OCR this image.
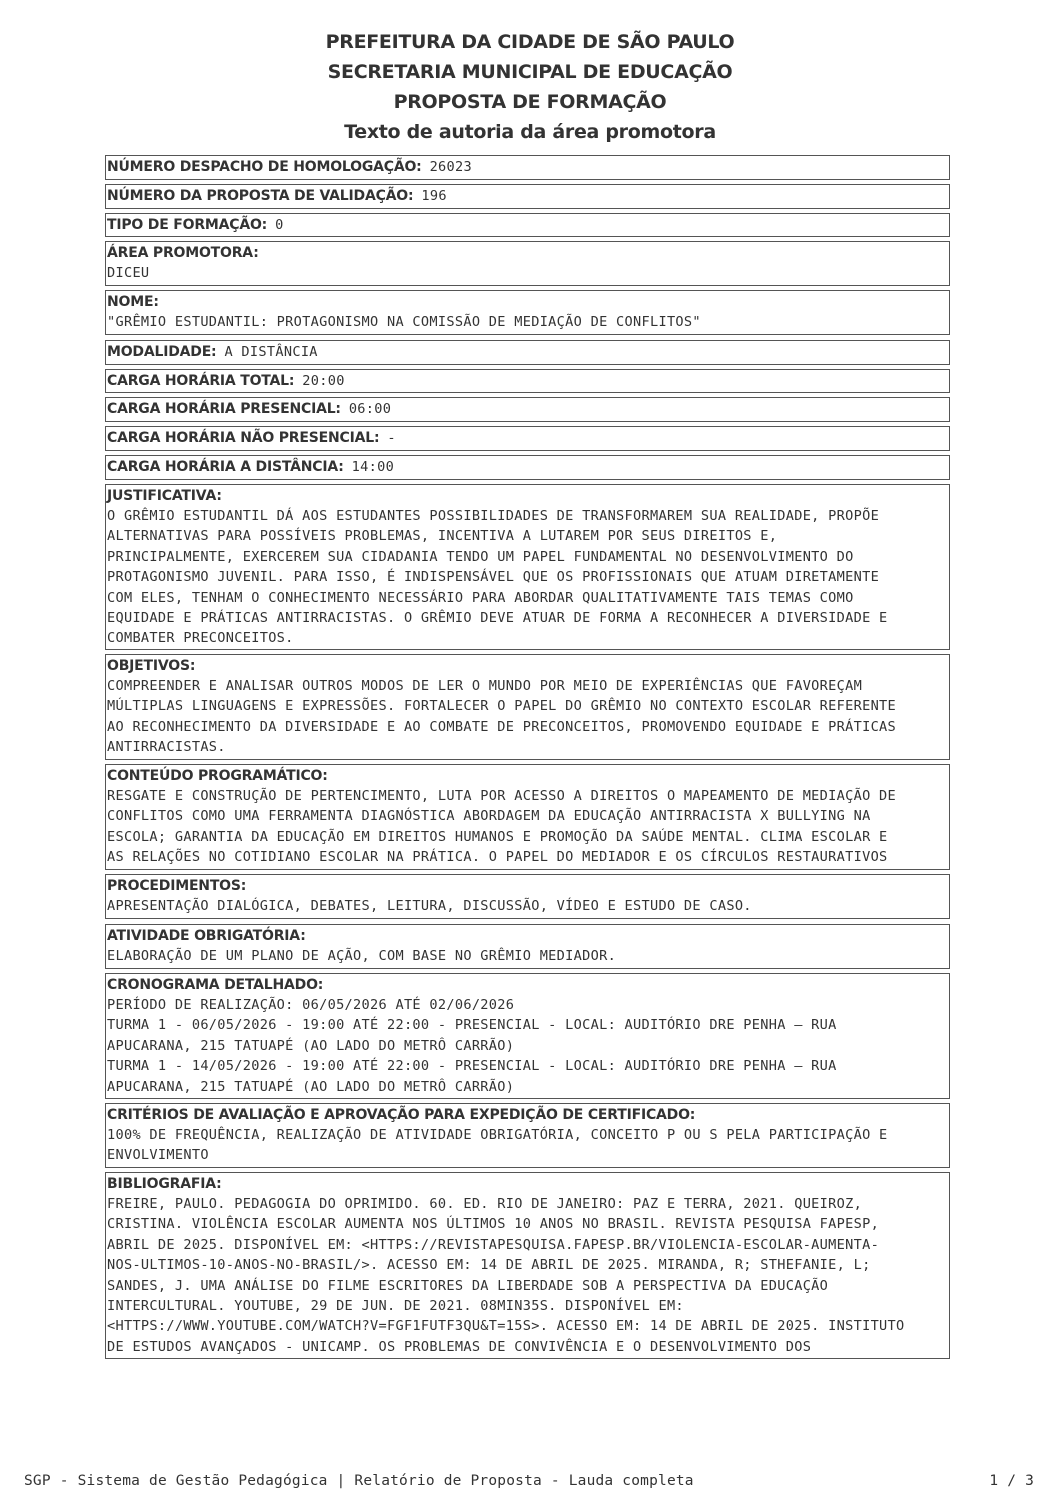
PREFEITURA DA CIDADE DE SÃO PAULO
SECRETARIA MUNICIPAL DE EDUCAÇÃO
PROPOSTA DE FORMAÇÃO
Texto de autoria da área promotora
NÚMERO DESPACHO DE HOMOLOGAÇÃO: 26023
NÚMERO DA PROPOSTA DE VALIDAÇÃO: 196
TIPO DE FORMAÇÃO: 0
ÁREA PROMOTORA:
DICEU
NOME:
"GRÊMIO ESTUDANTIL: PROTAGONISMO NA COMISSÃO DE MEDIAÇÃO DE CONFLITOS"
MODALIDADE: A DISTÂNCIA
CARGA HORÁRIA TOTAL: 20:00
CARGA HORÁRIA PRESENCIAL: 06:00
CARGA HORÁRIA NÃO PRESENCIAL: -
CARGA HORÁRIA A DISTÂNCIA: 14:00
JUSTIFICATIVA:
O GRÊMIO ESTUDANTIL DÁ AOS ESTUDANTES POSSIBILIDADES DE TRANSFORMAREM SUA REALIDADE, PROPÕE
ALTERNATIVAS PARA POSSÍVEIS PROBLEMAS, INCENTIVA A LUTAREM POR SEUS DIREITOS E,
PRINCIPALMENTE, EXERCEREM SUA CIDADANIA TENDO UM PAPEL FUNDAMENTAL NO DESENVOLVIMENTO DO
PROTAGONISMO JUVENIL. PARA ISSO, É INDISPENSÁVEL QUE OS PROFISSIONAIS QUE ATUAM DIRETAMENTE
COM ELES, TENHAM O CONHECIMENTO NECESSÁRIO PARA ABORDAR QUALITATIVAMENTE TAIS TEMAS COMO
EQUIDADE E PRÁTICAS ANTIRRACISTAS. O GRÊMIO DEVE ATUAR DE FORMA A RECONHECER A DIVERSIDADE E
COMBATER PRECONCEITOS.
OBJETIVOS:
COMPREENDER E ANALISAR OUTROS MODOS DE LER O MUNDO POR MEIO DE EXPERIÊNCIAS QUE FAVOREÇAM
MÚLTIPLAS LINGUAGENS E EXPRESSÕES. FORTALECER O PAPEL DO GRÊMIO NO CONTEXTO ESCOLAR REFERENTE
AO RECONHECIMENTO DA DIVERSIDADE E AO COMBATE DE PRECONCEITOS, PROMOVENDO EQUIDADE E PRÁTICAS
ANTIRRACISTAS.
CONTEÚDO PROGRAMÁTICO:
RESGATE E CONSTRUÇÃO DE PERTENCIMENTO, LUTA POR ACESSO A DIREITOS O MAPEAMENTO DE MEDIAÇÃO DE
CONFLITOS COMO UMA FERRAMENTA DIAGNÓSTICA ABORDAGEM DA EDUCAÇÃO ANTIRRACISTA X BULLYING NA
ESCOLA; GARANTIA DA EDUCAÇÃO EM DIREITOS HUMANOS E PROMOÇÃO DA SAÚDE MENTAL. CLIMA ESCOLAR E
AS RELAÇÕES NO COTIDIANO ESCOLAR NA PRÁTICA. O PAPEL DO MEDIADOR E OS CÍRCULOS RESTAURATIVOS
PROCEDIMENTOS:
APRESENTAÇÃO DIALÓGICA, DEBATES, LEITURA, DISCUSSÃO, VÍDEO E ESTUDO DE CASO.
ATIVIDADE OBRIGATÓRIA:
ELABORAÇÃO DE UM PLANO DE AÇÃO, COM BASE NO GRÊMIO MEDIADOR.
CRONOGRAMA DETALHADO:
PERÍODO DE REALIZAÇÃO: 06/05/2026 ATÉ 02/06/2026
TURMA 1 - 06/05/2026 - 19:00 ATÉ 22:00 - PRESENCIAL - LOCAL: AUDITÓRIO DRE PENHA – RUA
APUCARANA, 215 TATUAPÉ (AO LADO DO METRÔ CARRÃO)
TURMA 1 - 14/05/2026 - 19:00 ATÉ 22:00 - PRESENCIAL - LOCAL: AUDITÓRIO DRE PENHA – RUA
APUCARANA, 215 TATUAPÉ (AO LADO DO METRÔ CARRÃO)
CRITÉRIOS DE AVALIAÇÃO E APROVAÇÃO PARA EXPEDIÇÃO DE CERTIFICADO:
100% DE FREQUÊNCIA, REALIZAÇÃO DE ATIVIDADE OBRIGATÓRIA, CONCEITO P OU S PELA PARTICIPAÇÃO E
ENVOLVIMENTO
BIBLIOGRAFIA:
FREIRE, PAULO. PEDAGOGIA DO OPRIMIDO. 60. ED. RIO DE JANEIRO: PAZ E TERRA, 2021. QUEIROZ,
CRISTINA. VIOLÊNCIA ESCOLAR AUMENTA NOS ÚLTIMOS 10 ANOS NO BRASIL. REVISTA PESQUISA FAPESP,
ABRIL DE 2025. DISPONÍVEL EM: <HTTPS://REVISTAPESQUISA.FAPESP.BR/VIOLENCIA-ESCOLAR-AUMENTA-
NOS-ULTIMOS-10-ANOS-NO-BRASIL/>. ACESSO EM: 14 DE ABRIL DE 2025. MIRANDA, R; STHEFANIE, L;
SANDES, J. UMA ANÁLISE DO FILME ESCRITORES DA LIBERDADE SOB A PERSPECTIVA DA EDUCAÇÃO
INTERCULTURAL. YOUTUBE, 29 DE JUN. DE 2021. 08MIN35S. DISPONÍVEL EM:
<HTTPS://WWW.YOUTUBE.COM/WATCH?V=FGF1FUTF3QU&T=15S>. ACESSO EM: 14 DE ABRIL DE 2025. INSTITUTO
DE ESTUDOS AVANÇADOS - UNICAMP. OS PROBLEMAS DE CONVIVÊNCIA E O DESENVOLVIMENTO DOS
SGP - Sistema de Gestão Pedagógica | Relatório de Proposta - Lauda completa	1 / 3
